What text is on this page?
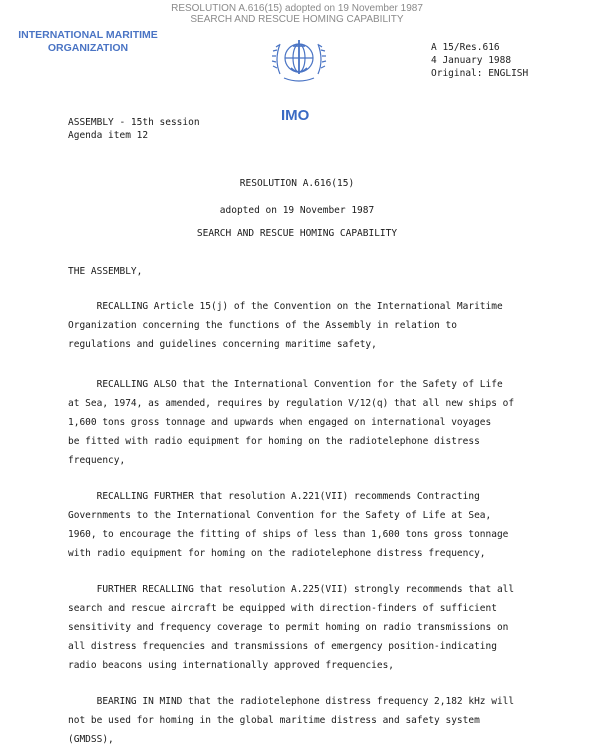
RESOLUTION A.616(15) adopted on 19 November 1987
SEARCH AND RESCUE HOMING CAPABILITY
INTERNATIONAL MARITIME
ORGANIZATION	A 15/Res.616
4 January 1988
Original: ENGLISH
IMO
ASSEMBLY - 15th session
Agenda item 12
RESOLUTION A.616(15)
adopted on 19 November 1987
SEARCH AND RESCUE HOMING CAPABILITY
THE ASSEMBLY,
RECALLING Article 15(j) of the Convention on the International Maritime
Organization concerning the functions of the Assembly in relation to
regulations and guidelines concerning maritime safety,
RECALLING ALSO that the International Convention for the Safety of Life
at Sea, 1974, as amended, requires by regulation V/12(q) that all new ships of
1,600 tons gross tonnage and upwards when engaged on international voyages
be fitted with radio equipment for homing on the radiotelephone distress
frequency,
RECALLING FURTHER that resolution A.221(VII) recommends Contracting
Governments to the International Convention for the Safety of Life at Sea,
1960, to encourage the fitting of ships of less than 1,600 tons gross tonnage
with radio equipment for homing on the radiotelephone distress frequency,
FURTHER RECALLING that resolution A.225(VII) strongly recommends that all
search and rescue aircraft be equipped with direction-finders of sufficient
sensitivity and frequency coverage to permit homing on radio transmissions on
all distress frequencies and transmissions of emergency position-indicating
radio beacons using internationally approved frequencies,
BEARING IN MIND that the radiotelephone distress frequency 2,182 kHz will
not be used for homing in the global maritime distress and safety system
(GMDSS),
